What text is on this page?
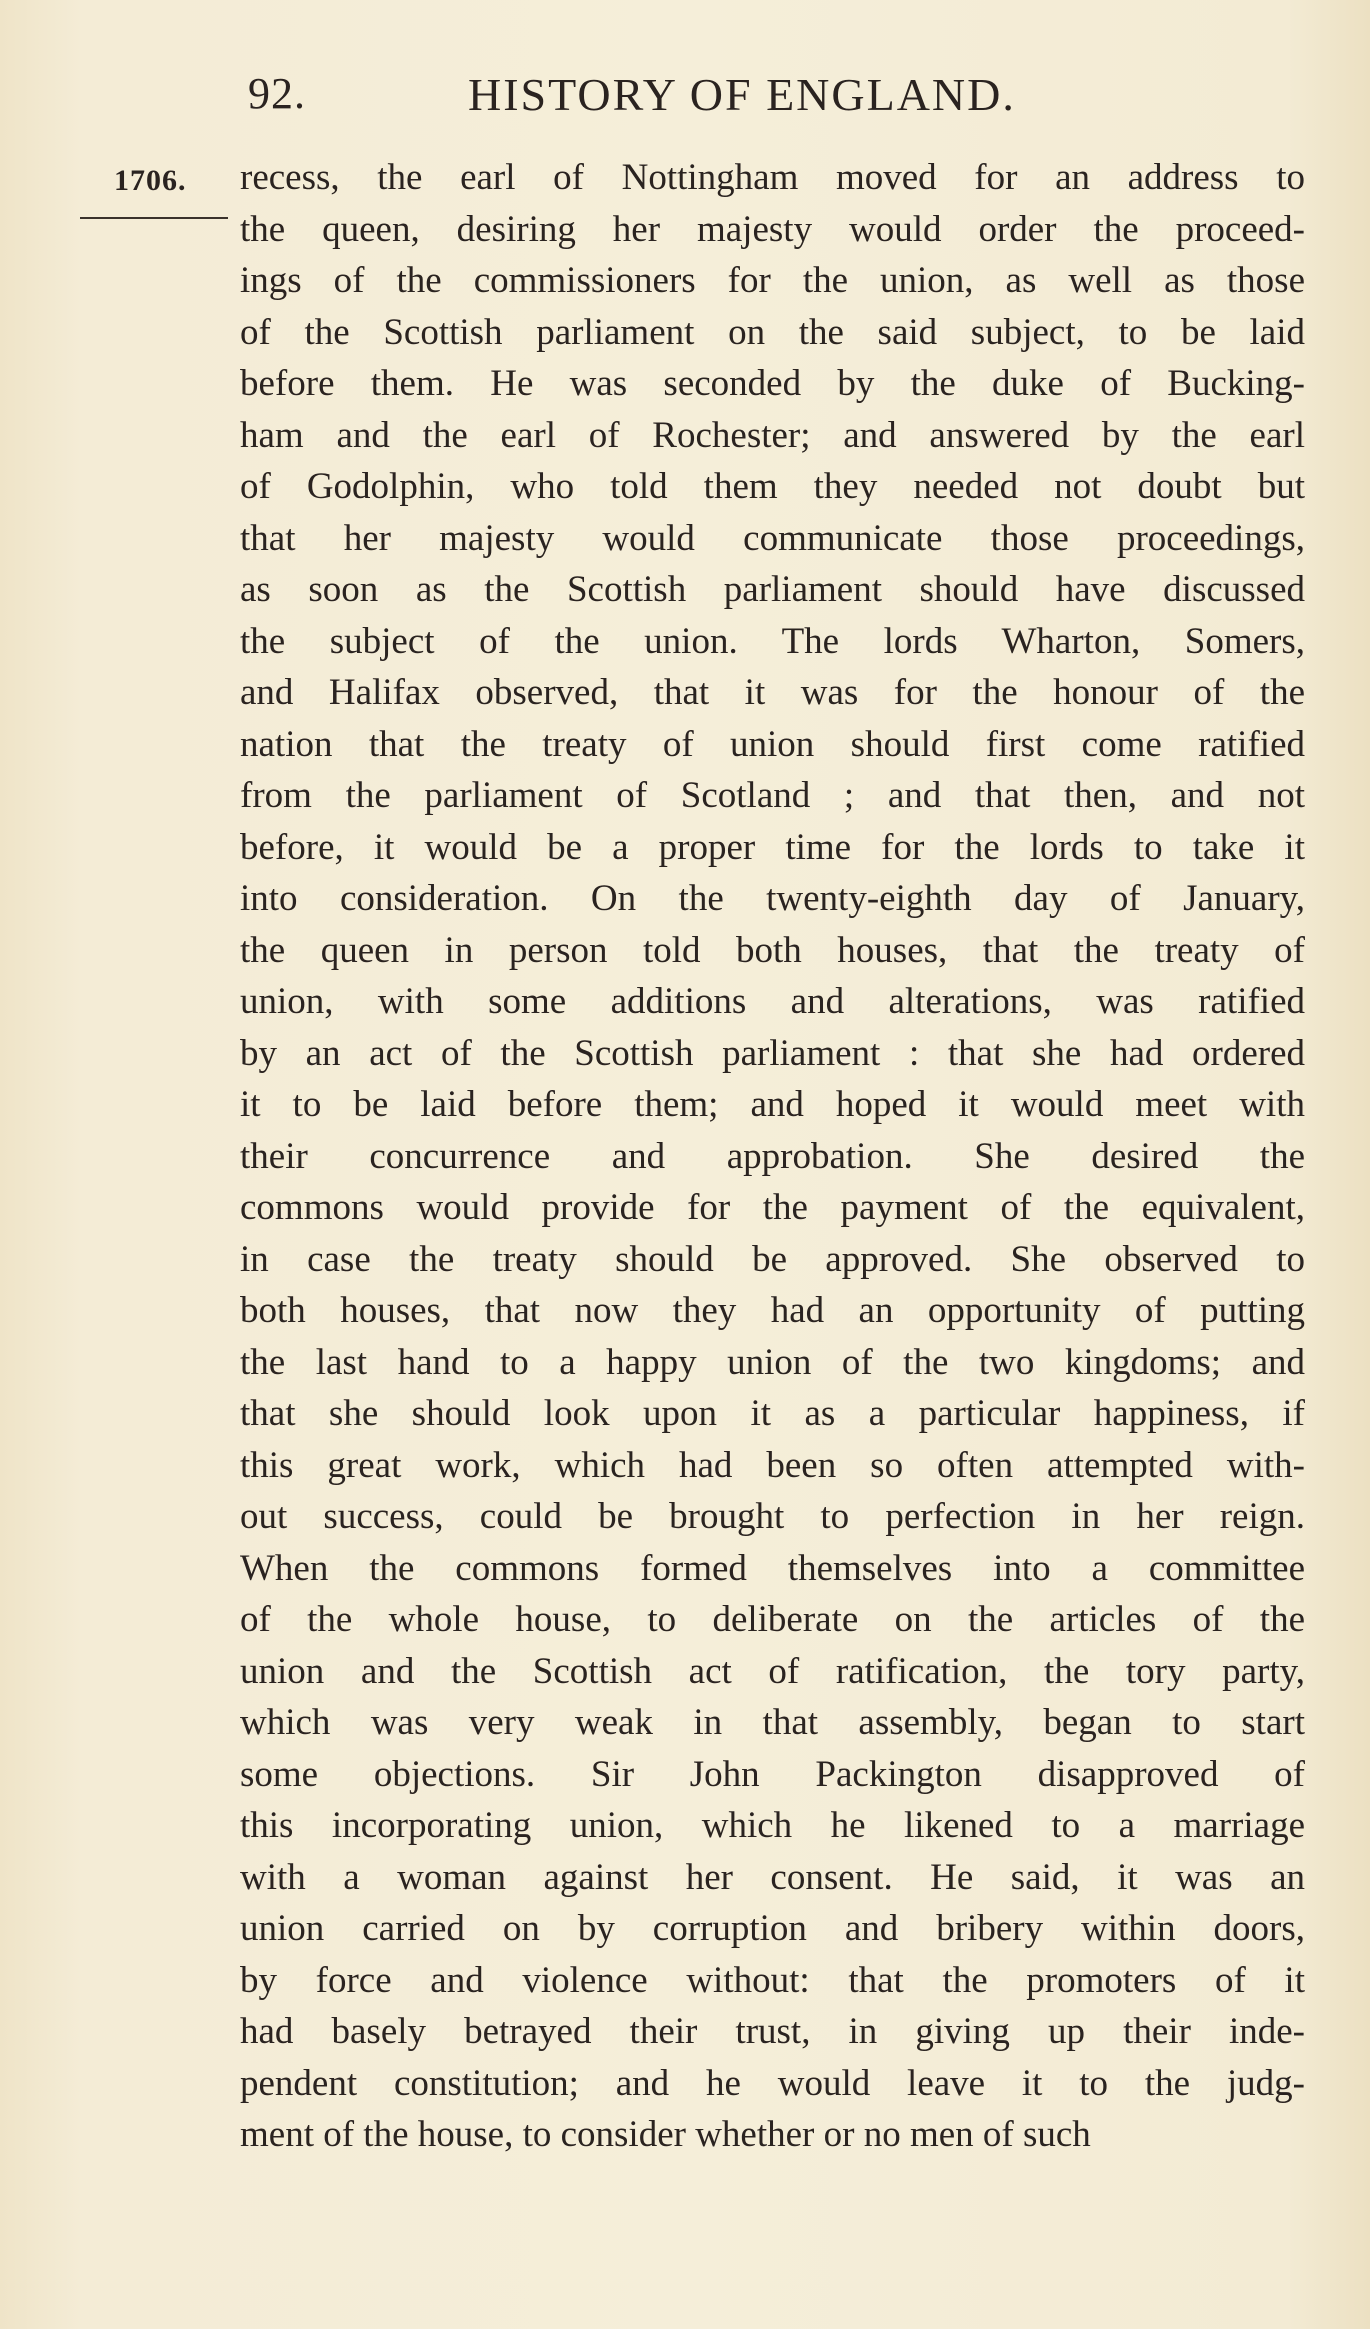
92.	HISTORY OF ENGLAND.
1706. recess, the earl of Nottingham moved for an address to
the queen, desiring her majesty would order the proceed-
ings of the commissioners for the union, as well as those
of the Scottish parliament on the said subject, to be laid
before them. He was seconded by the duke of Bucking-
ham and the earl of Rochester; and answered by the earl
of Godolphin, who told them they needed not doubt but
that her majesty would communicate those proceedings,
as soon as the Scottish parliament should have discussed
the subject of the union. The lords Wharton, Somers,
and Halifax observed, that it was for the honour of the
nation that the treaty of union should first come ratified
from the parliament of Scotland ; and that then, and not
before, it would be a proper time for the lords to take it
into consideration. On the twenty-eighth day of January,
the queen in person told both houses, that the treaty of
union, with some additions and alterations, was ratified
by an act of the Scottish parliament : that she had ordered
it to be laid before them; and hoped it would meet with
their concurrence and approbation. She desired the
commons would provide for the payment of the equivalent,
in case the treaty should be approved. She observed to
both houses, that now they had an opportunity of putting
the last hand to a happy union of the two kingdoms; and
that she should look upon it as a particular happiness, if
this great work, which had been so often attempted with-
out success, could be brought to perfection in her reign.
When the commons formed themselves into a committee
of the whole house, to deliberate on the articles of the
union and the Scottish act of ratification, the tory party,
which was very weak in that assembly, began to start
some objections. Sir John Packington disapproved of
this incorporating union, which he likened to a marriage
with a woman against her consent. He said, it was an
union carried on by corruption and bribery within doors,
by force and violence without: that the promoters of it
had basely betrayed their trust, in giving up their inde-
pendent constitution; and he would leave it to the judg-
ment of the house, to consider whether or no men of such
